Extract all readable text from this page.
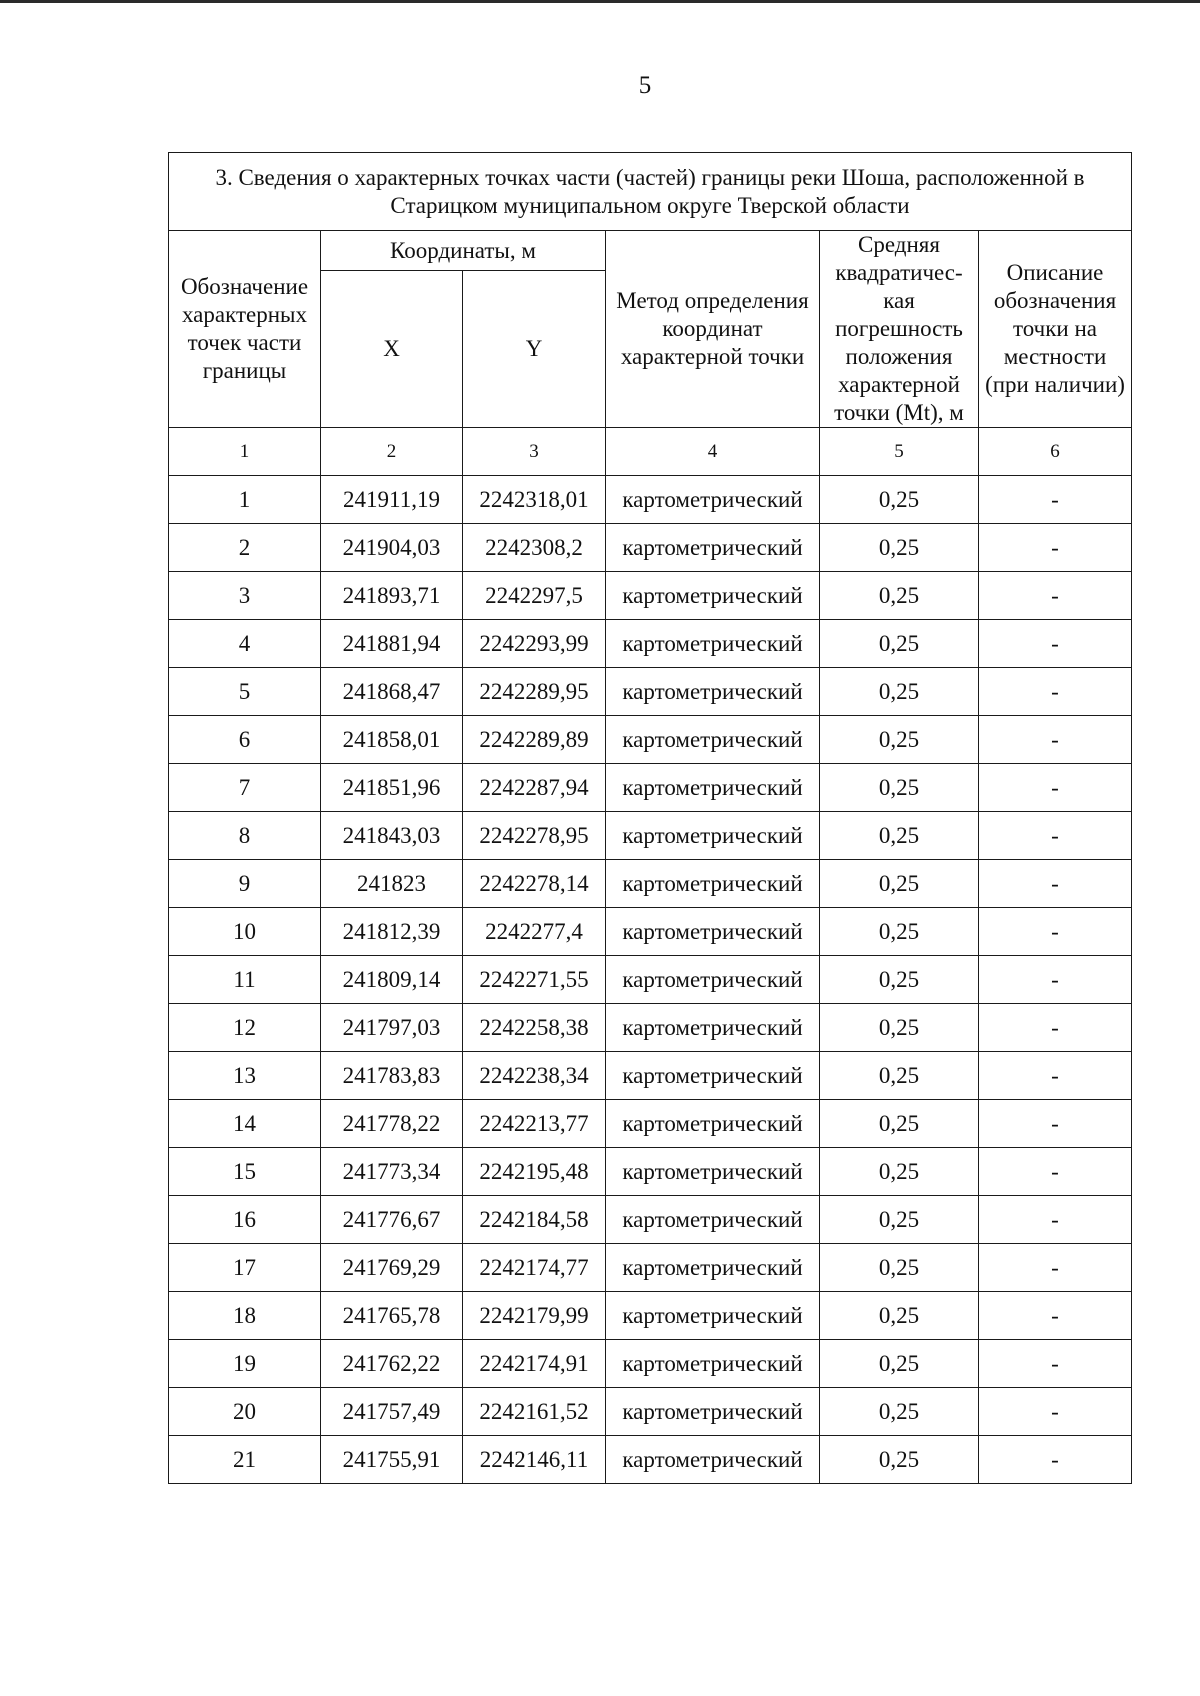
5
3. Сведения о характерных точках части (частей) границы реки Шоша, расположенной в Старицком муниципальном округе Тверской области					
Обозначение характерных точек части границы	Координаты, м		Метод определения координат характерной точки	Средняя квадратичес-кая погрешность положения характерной точки (Mt), м	Описание обозначения точки на местности (при наличии)
	X	Y			
1	2	3	4	5	6
1	241911,19	2242318,01	картометрический	0,25	-
2	241904,03	2242308,2	картометрический	0,25	-
3	241893,71	2242297,5	картометрический	0,25	-
4	241881,94	2242293,99	картометрический	0,25	-
5	241868,47	2242289,95	картометрический	0,25	-
6	241858,01	2242289,89	картометрический	0,25	-
7	241851,96	2242287,94	картометрический	0,25	-
8	241843,03	2242278,95	картометрический	0,25	-
9	241823	2242278,14	картометрический	0,25	-
10	241812,39	2242277,4	картометрический	0,25	-
11	241809,14	2242271,55	картометрический	0,25	-
12	241797,03	2242258,38	картометрический	0,25	-
13	241783,83	2242238,34	картометрический	0,25	-
14	241778,22	2242213,77	картометрический	0,25	-
15	241773,34	2242195,48	картометрический	0,25	-
16	241776,67	2242184,58	картометрический	0,25	-
17	241769,29	2242174,77	картометрический	0,25	-
18	241765,78	2242179,99	картометрический	0,25	-
19	241762,22	2242174,91	картометрический	0,25	-
20	241757,49	2242161,52	картометрический	0,25	-
21	241755,91	2242146,11	картометрический	0,25	-
